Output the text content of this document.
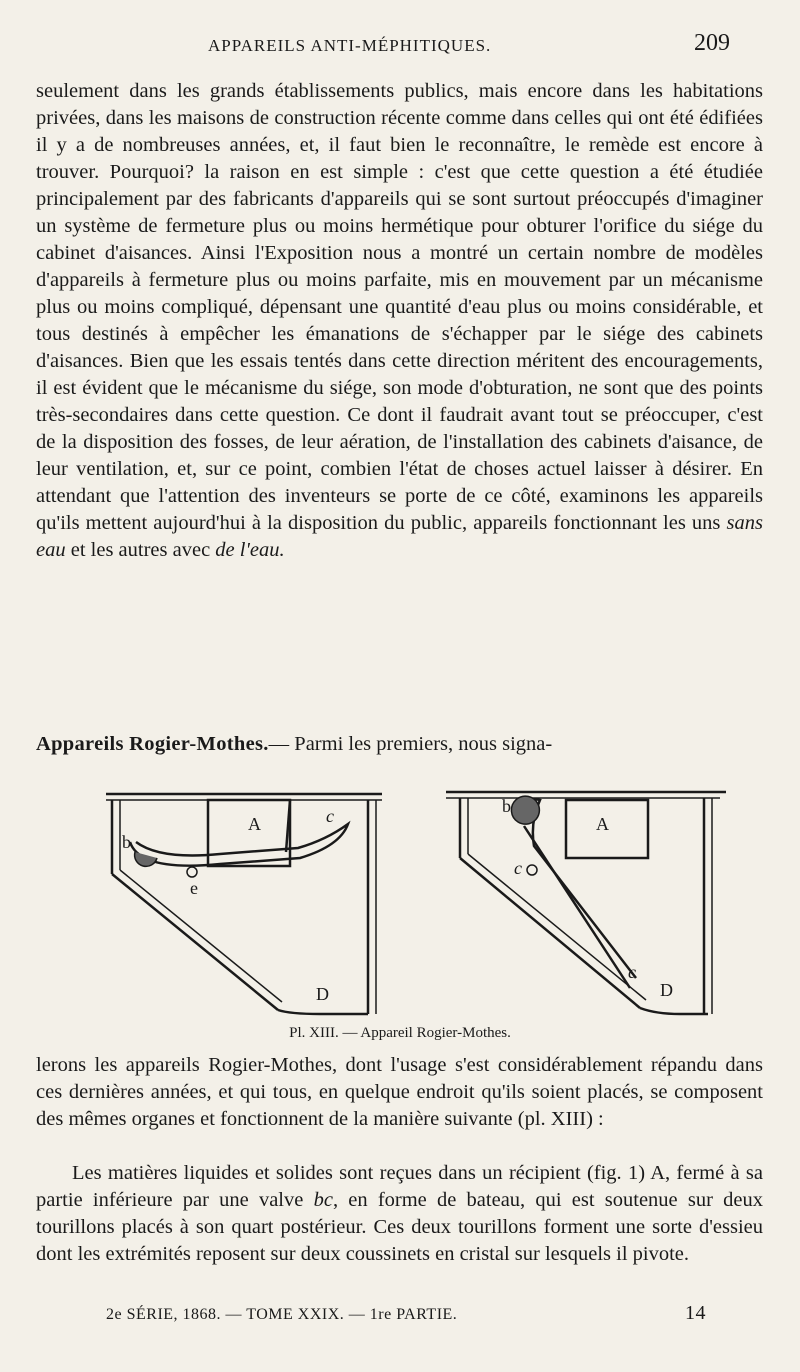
APPAREILS ANTI-MÉPHITIQUES.	209

seulement dans les grands établissements publics, mais encore dans les habitations privées, dans les maisons de construction récente comme dans celles qui ont été édifiées il y a de nombreuses années, et, il faut bien le reconnaître, le remède est encore à trouver. Pourquoi? la raison en est simple : c'est que cette question a été étudiée principalement par des fabricants d'appareils qui se sont surtout préoccupés d'imaginer un système de fermeture plus ou moins hermétique pour obturer l'orifice du siége du cabinet d'aisances. Ainsi l'Exposition nous a montré un certain nombre de modèles d'appareils à fermeture plus ou moins parfaite, mis en mouvement par un mécanisme plus ou moins compliqué, dépensant une quantité d'eau plus ou moins considérable, et tous destinés à empêcher les émanations de s'échapper par le siége des cabinets d'aisances. Bien que les essais tentés dans cette direction méritent des encouragements, il est évident que le mécanisme du siége, son mode d'obturation, ne sont que des points très-secondaires dans cette question. Ce dont il faudrait avant tout se préoccuper, c'est de la disposition des fosses, de leur aération, de l'installation des cabinets d'aisance, de leur ventilation, et, sur ce point, combien l'état de choses actuel laisser à désirer. En attendant que l'attention des inventeurs se porte de ce côté, examinons les appareils qu'ils mettent aujourd'hui à la disposition du public, appareils fonctionnant les uns sans eau et les autres avec de l'eau.

Appareils Rogier-Mothes.— Parmi les premiers, nous signa-

A
b
c
e
D
A
b
c
c
D
Pl. XIII. — Appareil Rogier-Mothes.

lerons les appareils Rogier-Mothes, dont l'usage s'est considérablement répandu dans ces dernières années, et qui tous, en quelque endroit qu'ils soient placés, se composent des mêmes organes et fonctionnent de la manière suivante (pl. XIII) :

Les matières liquides et solides sont reçues dans un récipient (fig. 1) A, fermé à sa partie inférieure par une valve bc, en forme de bateau, qui est soutenue sur deux tourillons placés à son quart postérieur. Ces deux tourillons forment une sorte d'essieu dont les extrémités reposent sur deux coussinets en cristal sur lesquels il pivote.

2e SÉRIE, 1868. — TOME XXIX. — 1re PARTIE.	14
